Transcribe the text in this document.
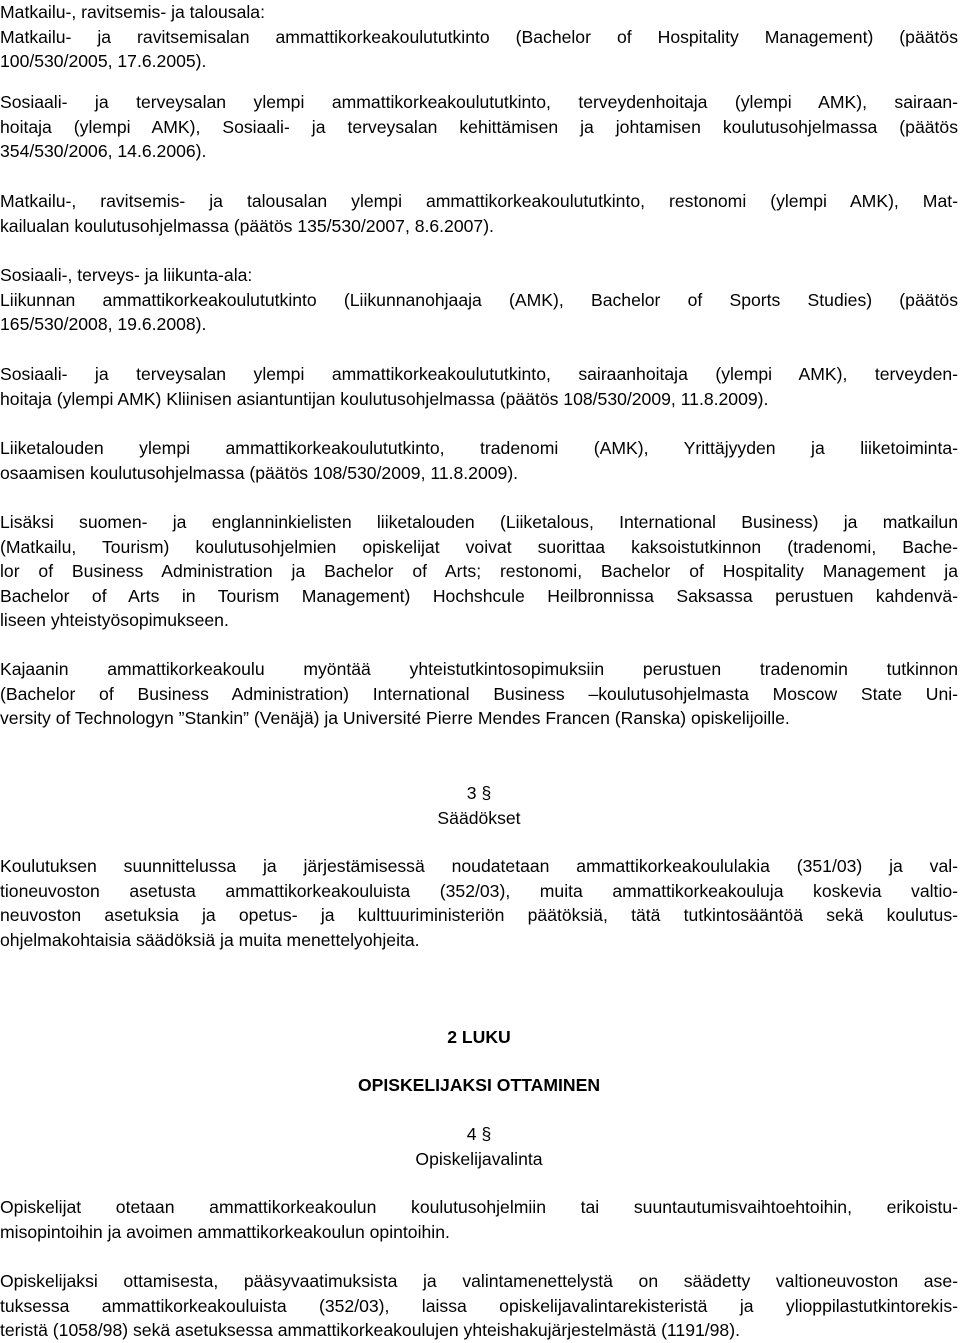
Matkailu-, ravitsemis- ja talousala:
Matkailu- ja ravitsemisalan ammattikorkeakoulututkinto (Bachelor of Hospitality Management) (päätös
100/530/2005, 17.6.2005).
Sosiaali- ja terveysalan ylempi ammattikorkeakoulututkinto, terveydenhoitaja (ylempi AMK), sairaan-
hoitaja (ylempi AMK), Sosiaali- ja terveysalan kehittämisen ja johtamisen koulutusohjelmassa (päätös
354/530/2006, 14.6.2006).
Matkailu-, ravitsemis- ja talousalan ylempi ammattikorkeakoulututkinto, restonomi (ylempi AMK), Mat-
kailualan koulutusohjelmassa (päätös 135/530/2007, 8.6.2007).
Sosiaali-, terveys- ja liikunta-ala:
Liikunnan ammattikorkeakoulututkinto (Liikunnanohjaaja (AMK), Bachelor of Sports Studies) (päätös
165/530/2008, 19.6.2008).
Sosiaali- ja terveysalan ylempi ammattikorkeakoulututkinto, sairaanhoitaja (ylempi AMK), terveyden-
hoitaja (ylempi AMK) Kliinisen asiantuntijan koulutusohjelmassa (päätös 108/530/2009, 11.8.2009).
Liiketalouden ylempi ammattikorkeakoulututkinto, tradenomi (AMK), Yrittäjyyden ja liiketoiminta-
osaamisen koulutusohjelmassa (päätös 108/530/2009, 11.8.2009).
Lisäksi suomen- ja englanninkielisten liiketalouden (Liiketalous, International Business) ja matkailun
(Matkailu, Tourism) koulutusohjelmien opiskelijat voivat suorittaa kaksoistutkinnon (tradenomi, Bache-
lor of Business Administration ja Bachelor of Arts; restonomi, Bachelor of Hospitality Management ja
Bachelor of Arts in Tourism Management) Hochshcule Heilbronnissa Saksassa perustuen kahdenvä-
liseen yhteistyösopimukseen.
Kajaanin ammattikorkeakoulu myöntää yhteistutkintosopimuksiin perustuen tradenomin tutkinnon
(Bachelor of Business Administration) International Business –koulutusohjelmasta Moscow State Uni-
versity of Technologyn ”Stankin” (Venäjä) ja Université Pierre Mendes Francen (Ranska) opiskelijoille.
3 §
Säädökset
Koulutuksen suunnittelussa ja järjestämisessä noudatetaan ammattikorkeakoululakia (351/03) ja val-
tioneuvoston asetusta ammattikorkeakouluista (352/03), muita ammattikorkeakouluja koskevia valtio-
neuvoston asetuksia ja opetus- ja kulttuuriministeriön päätöksiä, tätä tutkintosääntöä sekä koulutus-
ohjelmakohtaisia säädöksiä ja muita menettelyohjeita.
2 LUKU
OPISKELIJAKSI OTTAMINEN
4 §
Opiskelijavalinta
Opiskelijat otetaan ammattikorkeakoulun koulutusohjelmiin tai suuntautumisvaihtoehtoihin, erikoistu-
misopintoihin ja avoimen ammattikorkeakoulun opintoihin.
Opiskelijaksi ottamisesta, pääsyvaatimuksista ja valintamenettelystä on säädetty valtioneuvoston ase-
tuksessa ammattikorkeakouluista (352/03), laissa opiskelijavalintarekisteristä ja ylioppilastutkintorekis-
teristä (1058/98) sekä asetuksessa ammattikorkeakoulujen yhteishakujärjestelmästä (1191/98).
